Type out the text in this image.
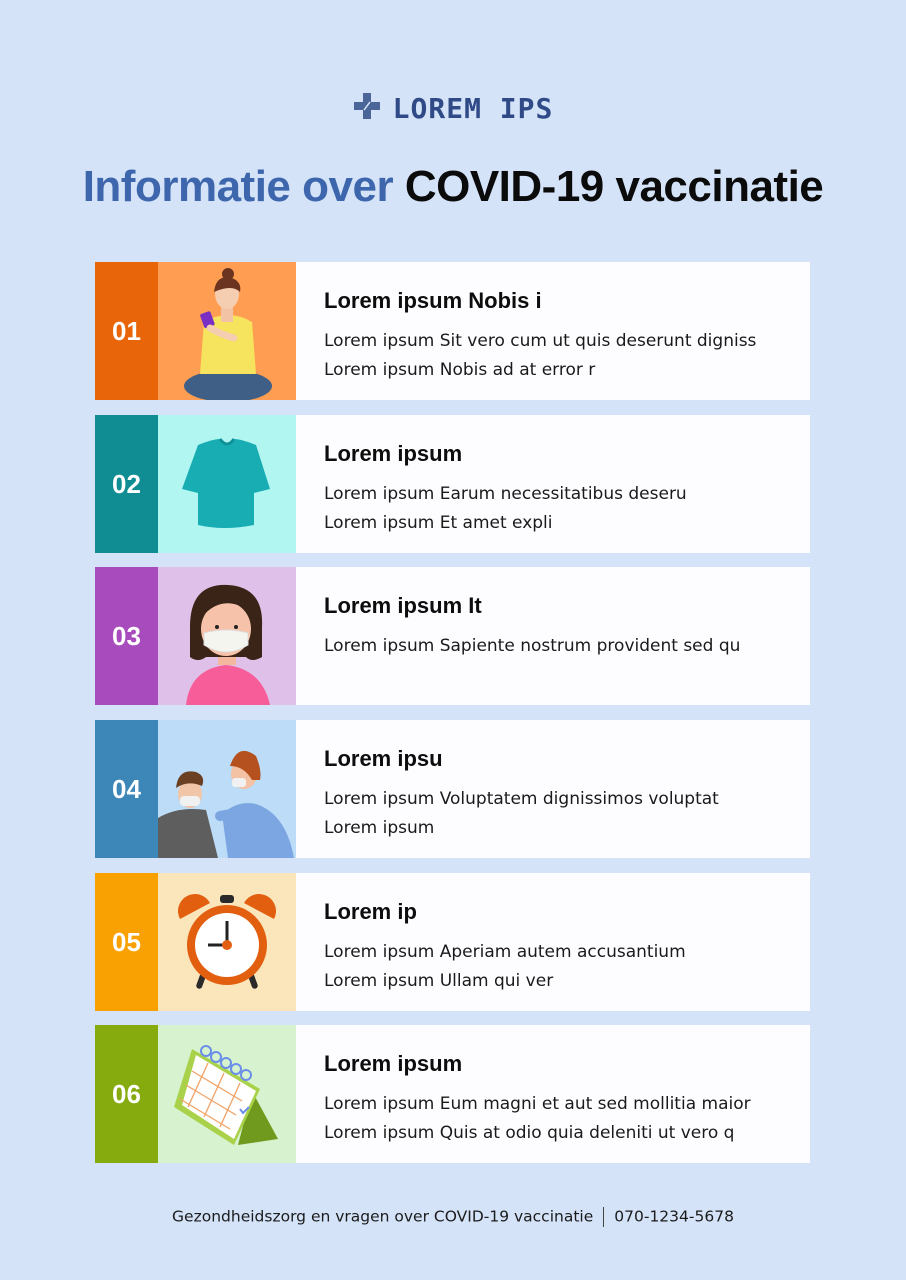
LOREM IPS
Informatie over COVID-19 vaccinatie
01
Lorem ipsum Nobis i

Lorem ipsum Sit vero cum ut quis deserunt digniss

Lorem ipsum Nobis ad at error r

02
Lorem ipsum

Lorem ipsum Earum necessitatibus deseru

Lorem ipsum Et amet expli

03
Lorem ipsum It

Lorem ipsum Sapiente nostrum provident sed qu

04
Lorem ipsu

Lorem ipsum Voluptatem dignissimos voluptat

Lorem ipsum

05
Lorem ip

Lorem ipsum Aperiam autem accusantium

Lorem ipsum Ullam qui ver

06
Lorem ipsum

Lorem ipsum Eum magni et aut sed mollitia maior

Lorem ipsum Quis at odio quia deleniti ut vero q

Gezondheidszorg en vragen over COVID-19 vaccinatie 070-1234-5678
